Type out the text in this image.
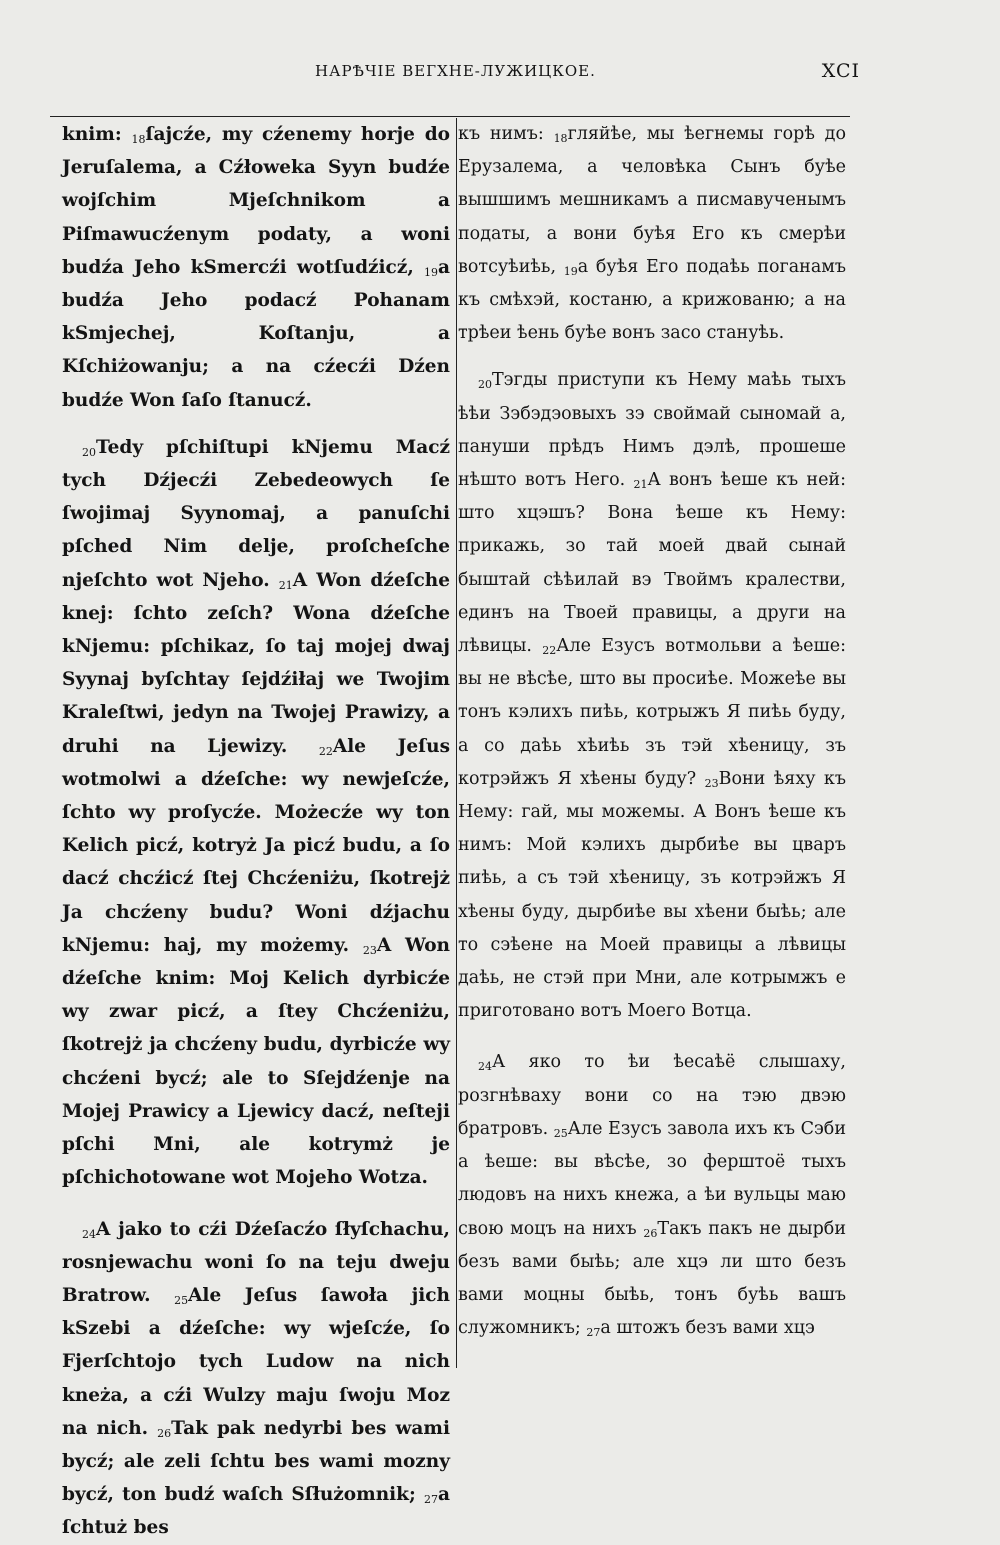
НАРѢЧІЕ ВЕГХНЕ-ЛУЖИЦКОЕ.	XCI

knim: $_{18}$ſajcźe, my cźenemy horje do Jeruſalema, a Cźłoweka Syyn budźe wojſchim Mjeſchnikom a Piſmawucźenym podaty, a woni budźa Jeho kSmercźi wotſudźicź, $_{19}$a budźa Jeho podacź Pohanam kSmjechej, Koſtanju, a Kſchiżowanju; a na cźecźi Dźen budźe Won ſaſo ſtanucź.

$_{20}$Tedy pſchiſtupi kNjemu Macź tych Dźjecźi Zebedeowych ſe ſwojimaj Syynomaj, a panuſchi pſched Nim delje, proſcheſche njeſchto wot Njeho. $_{21}$A Won dźeſche knej: ſchto zeſch? Wona dźeſche kNjemu: pſchikaz, ſo taj mojej dwaj Syynaj byſchtay ſejdźiłaj we Twojim Kraleſtwi, jedyn na Twojej Prawizy, a druhi na Ljewizy. $_{22}$Ale Jeſus wotmolwi a dźeſche: wy newjeſcźe, ſchto wy proſycźe. Możecźe wy ton Kelich picź, kotryż Ja picź budu, a ſo dacź chcźicź ſtej Chcźeniżu, ſkotrejż Ja chcźeny budu? Woni dźjachu kNjemu: haj, my możemy. $_{23}$A Won dźeſche knim: Moj Kelich dyrbicźe wy zwar picź, a ſtey Chcźeniżu, ſkotrejż ja chcźeny budu, dyrbicźe wy chcźeni bycź; ale to Sſejdźenje na Mojej Prawicy a Ljewicy dacź, neſteji pſchi Mni, ale kotrymż je pſchichotowane wot Mojeho Wotza.

$_{24}$A jako to cźi Dźeſacźo ſłyſchachu, rosnjewachu woni ſo na teju dweju Bratrow. $_{25}$Ale Jeſus ſawoła jich kSzebi a dźeſche: wy wjeſcźe, ſo Fjerſchtojo tych Ludow na nich kneża, a cźi Wulzy maju ſwoju Moz na nich. $_{26}$Tak pak nedyrbi bes wami bycź; ale zeli ſchtu bes wami mozny bycź, ton budź waſch Sſłużomnik; $_{27}$a ſchtuż bes

къ нимъ: $_{18}$гляйѣе, мы ѣегнемы горѣ до Ерузалема, а человѣка Сынъ буѣе вышшимъ мешникамъ а писмавученымъ податы, а вони буѣя Его къ смерѣи вотсуѣиѣь, $_{19}$а буѣя Его подаѣь поганамъ къ смѣхэй, костаню, а крижованю; а на трѣеи ѣень буѣе вонъ засо стануѣь.

$_{20}$Тэгды приступи къ Нему маѣь тыхъ ѣѣи Зэбэдэовыхъ зэ своймай сыномай а, пануши прѣдъ Нимъ дэлѣ, прошеше нѣшто вотъ Него. $_{21}$А вонъ ѣеше къ ней: што хцэшъ? Вона ѣеше къ Нему: прикажь, зо тай моей двай сынай быштай сѣѣилай вэ Твоймъ кралестви, единъ на Твоей правицы, а други на лѣвицы. $_{22}$Але Езусъ вотмольви а ѣеше: вы не вѣсѣе, што вы просиѣе. Можеѣе вы тонъ кэлихъ пиѣь, котрыжъ Я пиѣь буду, а со даѣь хѣиѣь зъ тэй хѣеницу, зъ котрэйжъ Я хѣены буду? $_{23}$Вони ѣяху къ Нему: гай, мы можемы. А Вонъ ѣеше къ нимъ: Мой кэлихъ дырбиѣе вы цваръ пиѣь, а съ тэй хѣеницу, зъ котрэйжъ Я хѣены буду, дырбиѣе вы хѣени быѣь; але то сэѣене на Моей правицы а лѣвицы даѣь, не стэй при Мни, але котрымжъ е приготовано вотъ Моего Вотца.

$_{24}$А яко то ѣи ѣесаѣё слышаху, розгнѣваху вони со на тэю двэю братровъ. $_{25}$Але Езусъ завола ихъ къ Сэби а ѣеше: вы вѣсѣе, зо ферштоё тыхъ людовъ на нихъ кнежа, а ѣи вульцы маю свою моцъ на нихъ $_{26}$Такъ пакъ не дырби безъ вами быѣь; але хцэ ли што безъ вами моцны быѣь, тонъ буѣь вашъ служомникъ; $_{27}$а штожъ безъ вами хцэ
